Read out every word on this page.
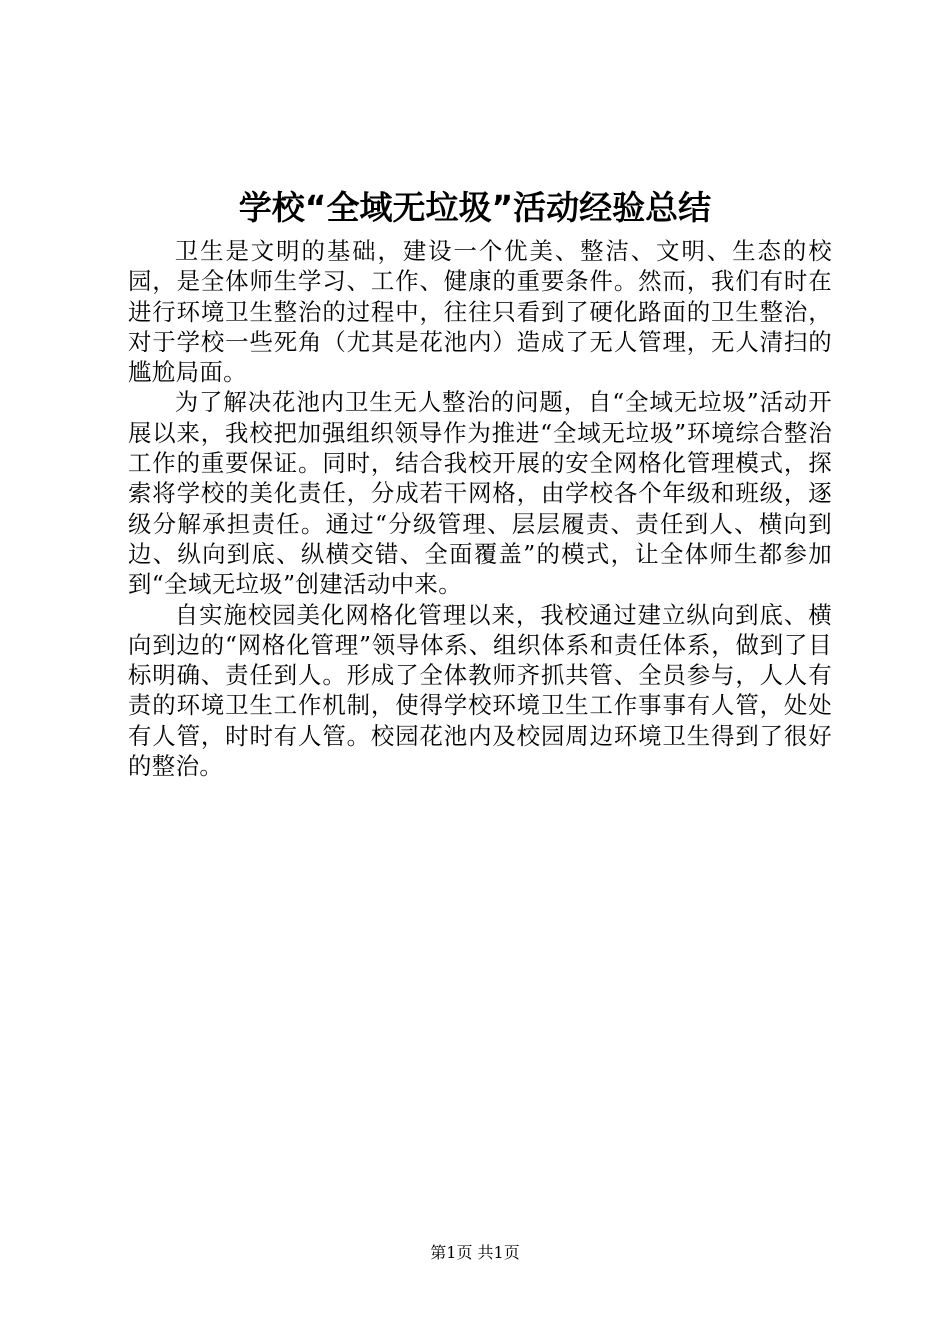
学校“全域无垃圾”活动经验总结

卫生是文明的基础，建设一个优美、整洁、文明、生态的校园，是全体师生学习、工作、健康的重要条件。然而，我们有时在进行环境卫生整治的过程中，往往只看到了硬化路面的卫生整治，对于学校一些死角（尤其是花池内）造成了无人管理，无人清扫的尴尬局面。

为了解决花池内卫生无人整治的问题，自“全域无垃圾”活动开展以来，我校把加强组织领导作为推进“全域无垃圾”环境综合整治工作的重要保证。同时，结合我校开展的安全网格化管理模式，探索将学校的美化责任，分成若干网格，由学校各个年级和班级，逐级分解承担责任。通过“分级管理、层层履责、责任到人、横向到边、纵向到底、纵横交错、全面覆盖”的模式，让全体师生都参加到“全域无垃圾”创建活动中来。

自实施校园美化网格化管理以来，我校通过建立纵向到底、横向到边的“网格化管理”领导体系、组织体系和责任体系，做到了目标明确、责任到人。形成了全体教师齐抓共管、全员参与，人人有责的环境卫生工作机制，使得学校环境卫生工作事事有人管，处处有人管，时时有人管。校园花池内及校园周边环境卫生得到了很好的整治。

第1页 共1页
